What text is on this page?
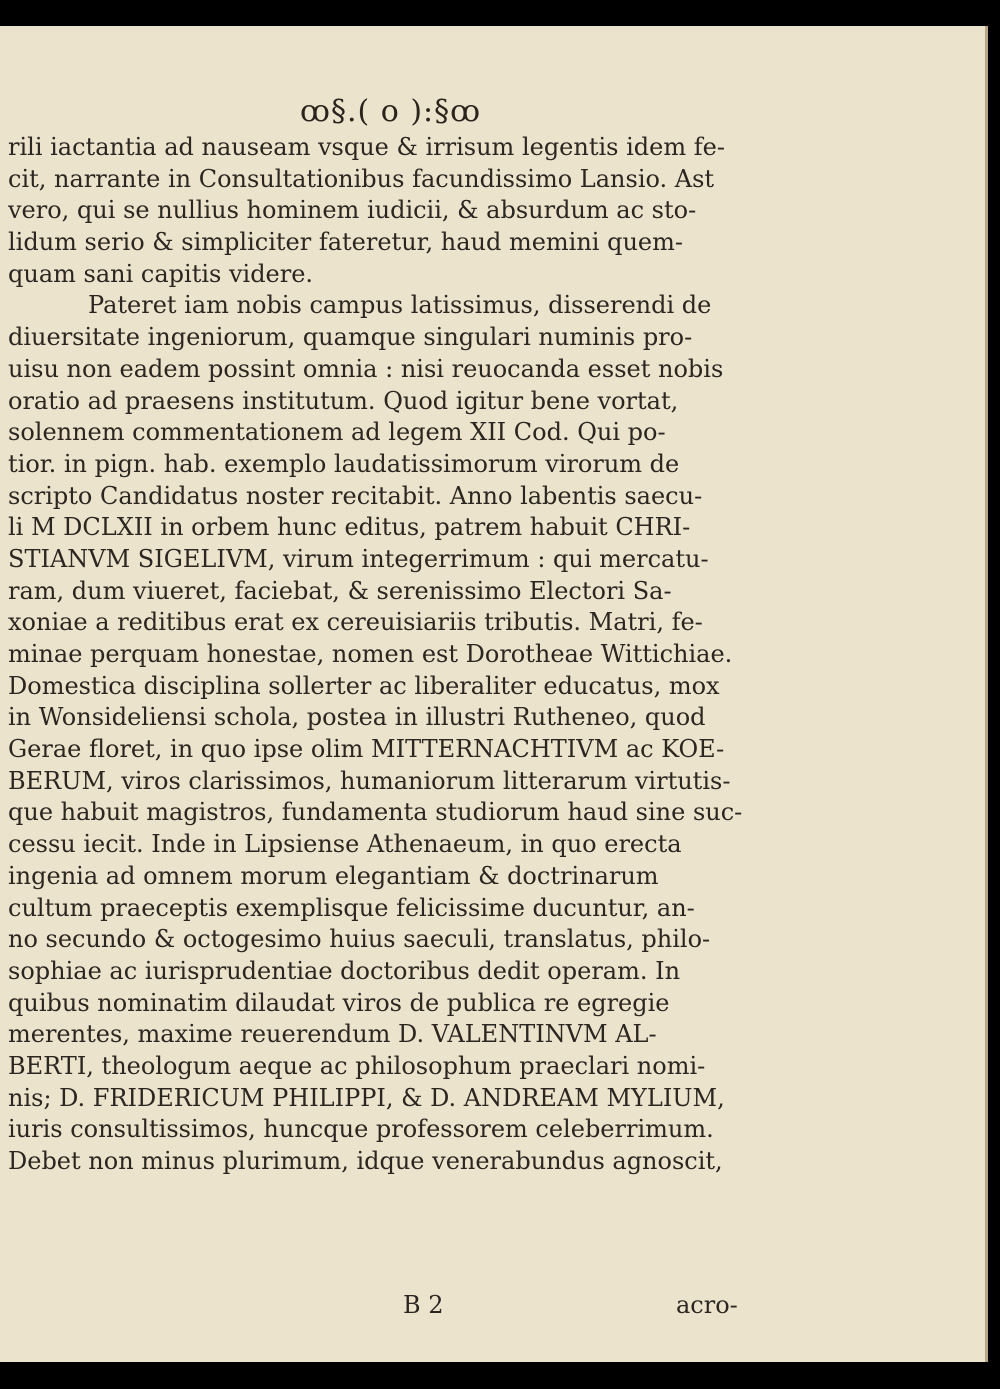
ꝏ§.( o ):§ꝏ
rili iactantia ad nauseam vsque & irrisum legentis idem fe-
cit, narrante in Consultationibus facundissimo Lansio. Ast
vero, qui se nullius hominem iudicii, & absurdum ac sto-
lidum serio & simpliciter fateretur, haud memini quem-
quam sani capitis videre.
Pateret iam nobis campus latissimus, disserendi de
diuersitate ingeniorum, quamque singulari numinis pro-
uisu non eadem possint omnia : nisi reuocanda esset nobis
oratio ad praesens institutum. Quod igitur bene vortat,
solennem commentationem ad legem XII Cod. Qui po-
tior. in pign. hab. exemplo laudatissimorum virorum de
scripto Candidatus noster recitabit. Anno labentis saecu-
li M DCLXII in orbem hunc editus, patrem habuit CHRI-
STIANVM SIGELIVM, virum integerrimum : qui mercatu-
ram, dum viueret, faciebat, & serenissimo Electori Sa-
xoniae a reditibus erat ex cereuisiariis tributis. Matri, fe-
minae perquam honestae, nomen est Dorotheae Wittichiae.
Domestica disciplina sollerter ac liberaliter educatus, mox
in Wonsideliensi schola, postea in illustri Rutheneo, quod
Gerae floret, in quo ipse olim MITTERNACHTIVM ac KOE-
BERUM, viros clarissimos, humaniorum litterarum virtutis-
que habuit magistros, fundamenta studiorum haud sine suc-
cessu iecit. Inde in Lipsiense Athenaeum, in quo erecta
ingenia ad omnem morum elegantiam & doctrinarum
cultum praeceptis exemplisque felicissime ducuntur, an-
no secundo & octogesimo huius saeculi, translatus, philo-
sophiae ac iurisprudentiae doctoribus dedit operam. In
quibus nominatim dilaudat viros de publica re egregie
merentes, maxime reuerendum D. VALENTINVM AL-
BERTI, theologum aeque ac philosophum praeclari nomi-
nis; D. FRIDERICUM PHILIPPI, & D. ANDREAM MYLIUM,
iuris consultissimos, huncque professorem celeberrimum.
Debet non minus plurimum, idque venerabundus agnoscit,
B 2	acro-
